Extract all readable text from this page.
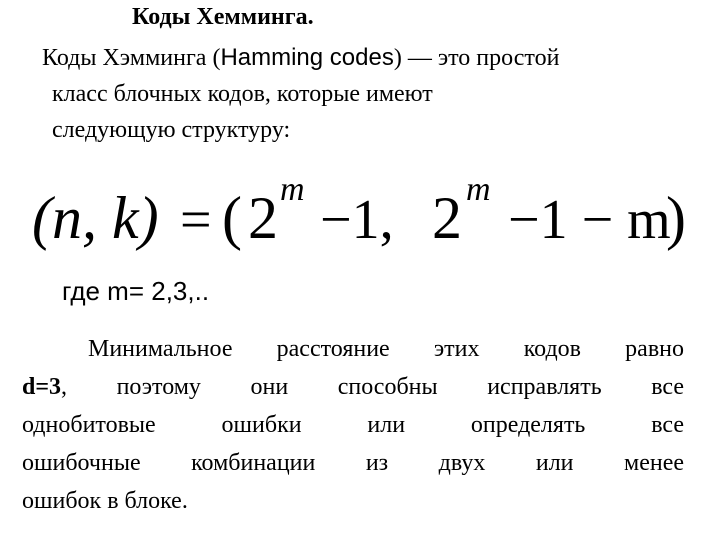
Коды Хемминга.
Коды Хэмминга (Hamming codes) — это простой
класс блочных кодов, которые имеют
следующую структуру:
(n, k) = ( 2 m −1, 2 m −1 − m
)
где m= 2,3,..
Минимальное расстояние этих кодов равно
d=3, поэтому они способны исправлять все
однобитовые ошибки или определять все
ошибочные комбинации из двух или менее
ошибок в блоке.
